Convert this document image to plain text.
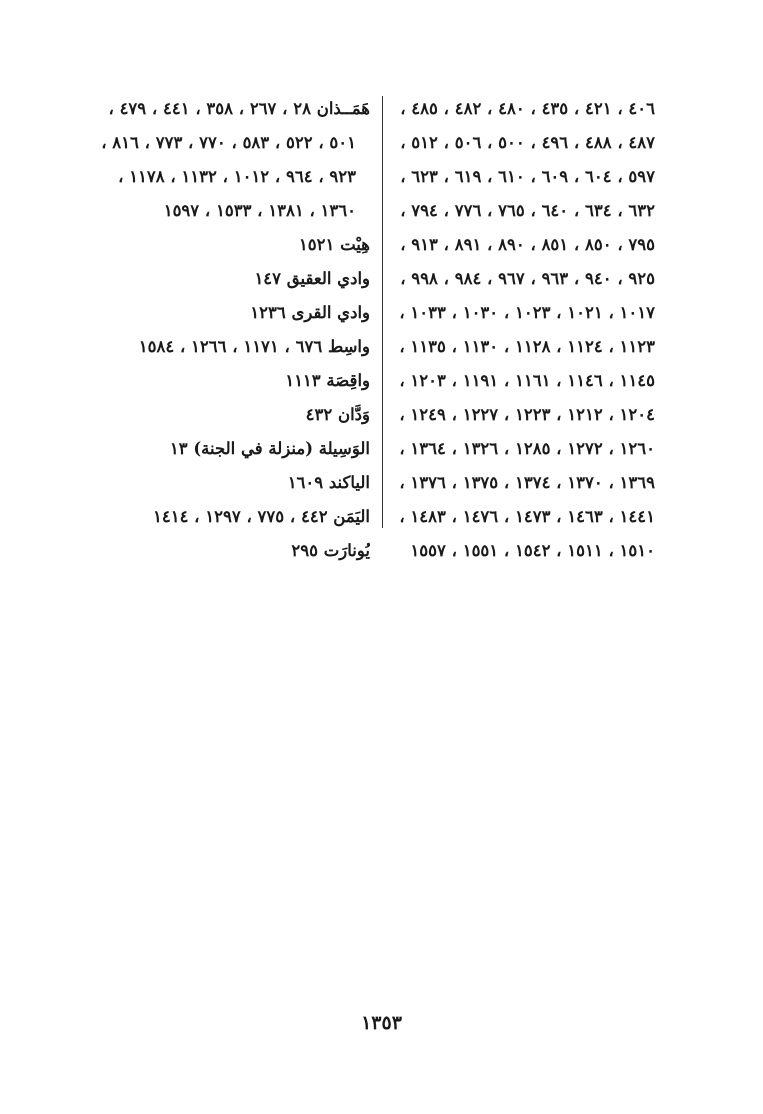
٤٠٦ ، ٤٢١ ، ٤٣٥ ، ٤٨٠ ، ٤٨٢ ، ٤٨٥ ،
٤٨٧ ، ٤٨٨ ، ٤٩٦ ، ٥٠٠ ، ٥٠٦ ، ٥١٢ ،
٥٩٧ ، ٦٠٤ ، ٦٠٩ ، ٦١٠ ، ٦١٩ ، ٦٢٣ ،
٦٣٢ ، ٦٣٤ ، ٦٤٠ ، ٧٦٥ ، ٧٧٦ ، ٧٩٤ ،
٧٩٥ ، ٨٥٠ ، ٨٥١ ، ٨٩٠ ، ٨٩١ ، ٩١٣ ،
٩٢٥ ، ٩٤٠ ، ٩٦٣ ، ٩٦٧ ، ٩٨٤ ، ٩٩٨ ،
١٠١٧ ، ١٠٢١ ، ١٠٢٣ ، ١٠٣٠ ، ١٠٣٣ ،
١١٢٣ ، ١١٢٤ ، ١١٢٨ ، ١١٣٠ ، ١١٣٥ ،
١١٤٥ ، ١١٤٦ ، ١١٦١ ، ١١٩١ ، ١٢٠٣ ،
١٢٠٤ ، ١٢١٢ ، ١٢٢٣ ، ١٢٢٧ ، ١٢٤٩ ،
١٢٦٠ ، ١٢٧٢ ، ١٢٨٥ ، ١٣٢٦ ، ١٣٦٤ ،
١٣٦٩ ، ١٣٧٠ ، ١٣٧٤ ، ١٣٧٥ ، ١٣٧٦ ،
١٤٤١ ، ١٤٦٣ ، ١٤٧٣ ، ١٤٧٦ ، ١٤٨٣ ،
١٥١٠ ، ١٥١١ ، ١٥٤٢ ، ١٥٥١ ، ١٥٥٧
هَمَــذان ٢٨ ، ٢٦٧ ، ٣٥٨ ، ٤٤١ ، ٤٧٩ ،
٥٠١ ، ٥٢٢ ، ٥٨٣ ، ٧٧٠ ، ٧٧٣ ، ٨١٦ ،
٩٢٣ ، ٩٦٤ ، ١٠١٢ ، ١١٣٢ ، ١١٧٨ ،
١٣٦٠ ، ١٣٨١ ، ١٥٣٣ ، ١٥٩٧
هِيْت ١٥٢١
وادي العقيق ١٤٧
وادي القرى ١٢٣٦
واسِط ٦٧٦ ، ١١٧١ ، ١٢٦٦ ، ١٥٨٤
واقِصَة ١١١٣
وَدَّان ٤٣٢
الوَسِيلة (منزلة في الجنة) ١٣
الياكند ١٦٠٩
اليَمَن ٤٤٢ ، ٧٧٥ ، ١٢٩٧ ، ١٤١٤
يُونارَت ٢٩٥
١٣٥٣
